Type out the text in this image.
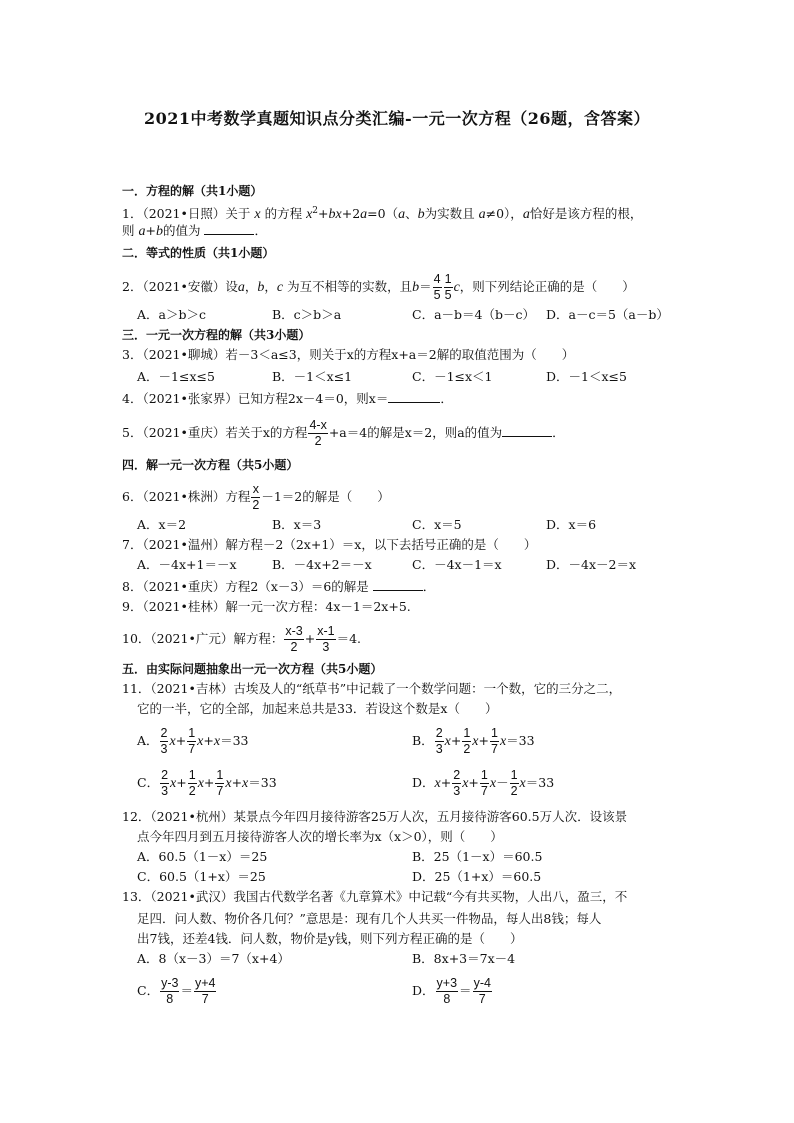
2021中考数学真题知识点分类汇编-一元一次方程（26题，含答案）
一．方程的解（共1小题）
1．（2021•日照）关于 x 的方程 $x^2+bx+2a=0(a$、b为实数且 a≠0），a恰好是该方程的根，
则 a+b的值为	．
二．等式的性质（共1小题）
2．（2021•安徽）设a，b，c 为互不相等的实数，且$b= \frac{4}{5} \frac{1}{5}$ c，则下列结论正确的是（　　）
A．a＞b＞c	B．c＞b＞a	C．a－b＝4（b－c） D．a－c＝5（a－b）
三．一元一次方程的解（共3小题）
3．（2021•聊城）若－3＜a≤3，则关于x的方程x+a＝2解的取值范围为（　　）
A．－1≤x≤5	B．－1＜x≤1	C．－1≤x＜1	D．－1＜x≤5
4．（2021•张家界）已知方程2x－4＝0，则x＝	．
5．（2021•重庆）若关于x的方程 $\frac{4-x}{2} +a=4$的解是x＝2，则a的值为	．
四．解一元一次方程（共5小题）
6．（2021•株洲）方程 $\frac{x}{2} -1=2$的解是（　　）
A．x＝2	B．x＝3	C．x＝5	D．x＝6
7．（2021•温州）解方程－2（2x+1）＝x，以下去括号正确的是（　　）
A．－4x+1＝－x	B．－4x+2＝－x	C．－4x－1＝x	D．－4x－2＝x
8．（2021•重庆）方程2（x－3）＝6的解是	．
9．（2021•桂林）解一元一次方程：4x－1＝2x+5.
10．（2021•广元）解方程： $\frac{x-3}{2} + \frac{x-1}{3} =4$.
五．由实际问题抽象出一元一次方程（共5小题）
11．（2021•吉林）古埃及人的“纸草书”中记载了一个数学问题：一个数，它的三分之二，
它的一半，它的全部，加起来总共是33．若设这个数是x（　　）
A． $\frac{2}{3} x+ \frac{1}{7} x+x=33$	B． $\frac{2}{3} x+ \frac{1}{2} x+ \frac{1}{7} x=33$
C． $\frac{2}{3} x+ \frac{1}{2} x+ \frac{1}{7} x+x=33$	D．$x+ \frac{2}{3} x+ \frac{1}{7} x- \frac{1}{2} x=33$
12．（2021•杭州）某景点今年四月接待游客25万人次，五月接待游客60.5万人次．设该景
点今年四月到五月接待游客人次的增长率为x（x＞0），则（　　）
A．60.5（1－x）＝25	B．25（1－x）＝60.5
C．60.5（1+x）＝25	D．25（1+x）＝60.5
13．（2021•武汉）我国古代数学名著《九章算术》中记载“今有共买物，人出八，盈三，不
足四．问人数、物价各几何？”意思是：现有几个人共买一件物品，每人出8钱；每人
出7钱，还差4钱．问人数，物价是y钱，则下列方程正确的是（　　）
A．8（x－3）＝7（x+4）	B．8x+3＝7x－4
C． $\frac{y-3}{8} = \frac{y+4}{7}$	D． $\frac{y+3}{8} = \frac{y-4}{7}$
